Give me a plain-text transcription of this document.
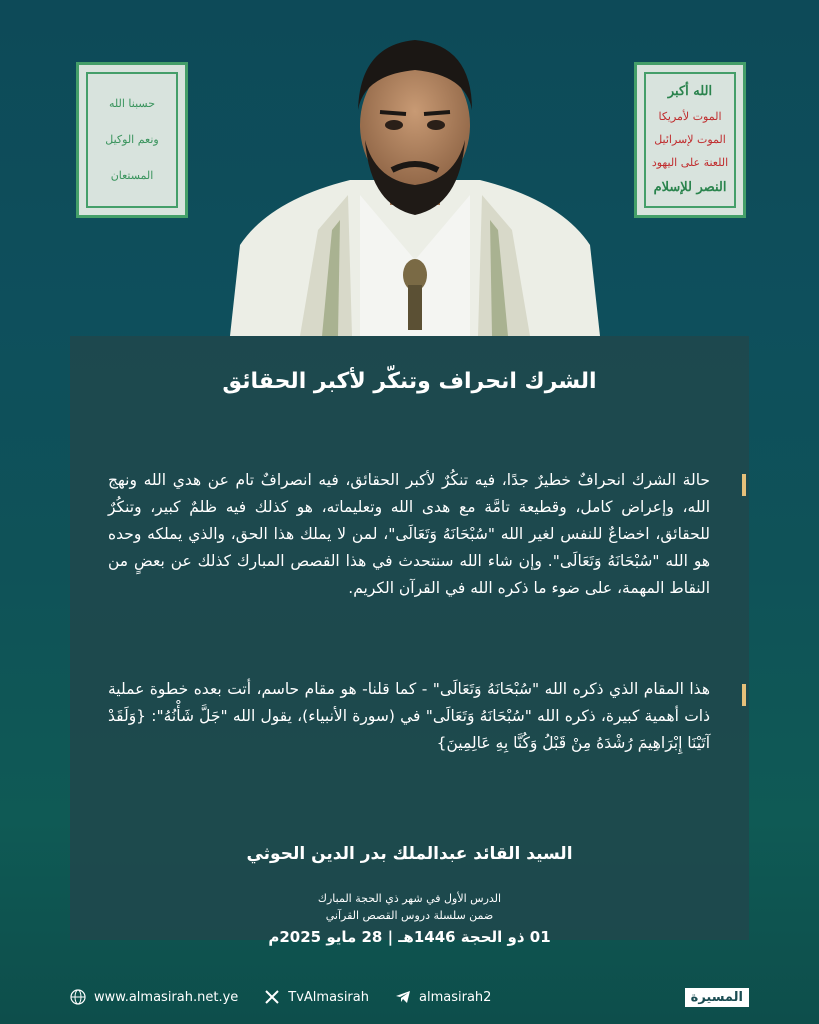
حسبنا الله
ونعم الوكيل
المستعان
الله أكبر
الموت لأمريكا
الموت لإسرائيل
اللعنة على اليهود
النصر للإسلام
الشرك انحراف وتنكّر لأكبر الحقائق
حالة الشرك انحرافٌ خطيرٌ جدًا، فيه تنكُرٌ لأكبر الحقائق، فيه انصرافٌ تام عن هدي الله ونهج الله، وإعراض كامل، وقطيعة تامَّة مع هدى الله وتعليماته، هو كذلك فيه ظلمٌ كبير، وتنكُرٌ للحقائق، اخضاعٌ للنفس لغير الله "سُبْحَانَهُ وَتَعَالَى"، لمن لا يملك هذا الحق، والذي يملكه وحده هو الله "سُبْحَانَهُ وَتَعَالَى". وإن شاء الله سنتحدث في هذا القصص المبارك كذلك عن بعضٍ من النقاط المهمة، على ضوء ما ذكره الله في القرآن الكريم.
هذا المقام الذي ذكره الله "سُبْحَانَهُ وَتَعَالَى" - كما قلنا- هو مقام حاسم، أتت بعده خطوة عملية ذات أهمية كبيرة، ذكره الله "سُبْحَانَهُ وَتَعَالَى" في (سورة الأنبياء)، يقول الله "جَلَّ شَأْنُهُ": {وَلَقَدْ آتَيْنَا إِبْرَاهِيمَ رُشْدَهُ مِنْ قَبْلُ وَكُنَّا بِهِ عَالِمِينَ}
السيد القائد عبدالملك بدر الدين الحوثي
الدرس الأول في شهر ذي الحجة المبارك
ضمن سلسلة دروس القصص القرآني
01 ذو الحجة 1446هـ | 28 مايو 2025م
www.almasirah.net.ye	TvAlmasirah	almasirah2	المسيرة
